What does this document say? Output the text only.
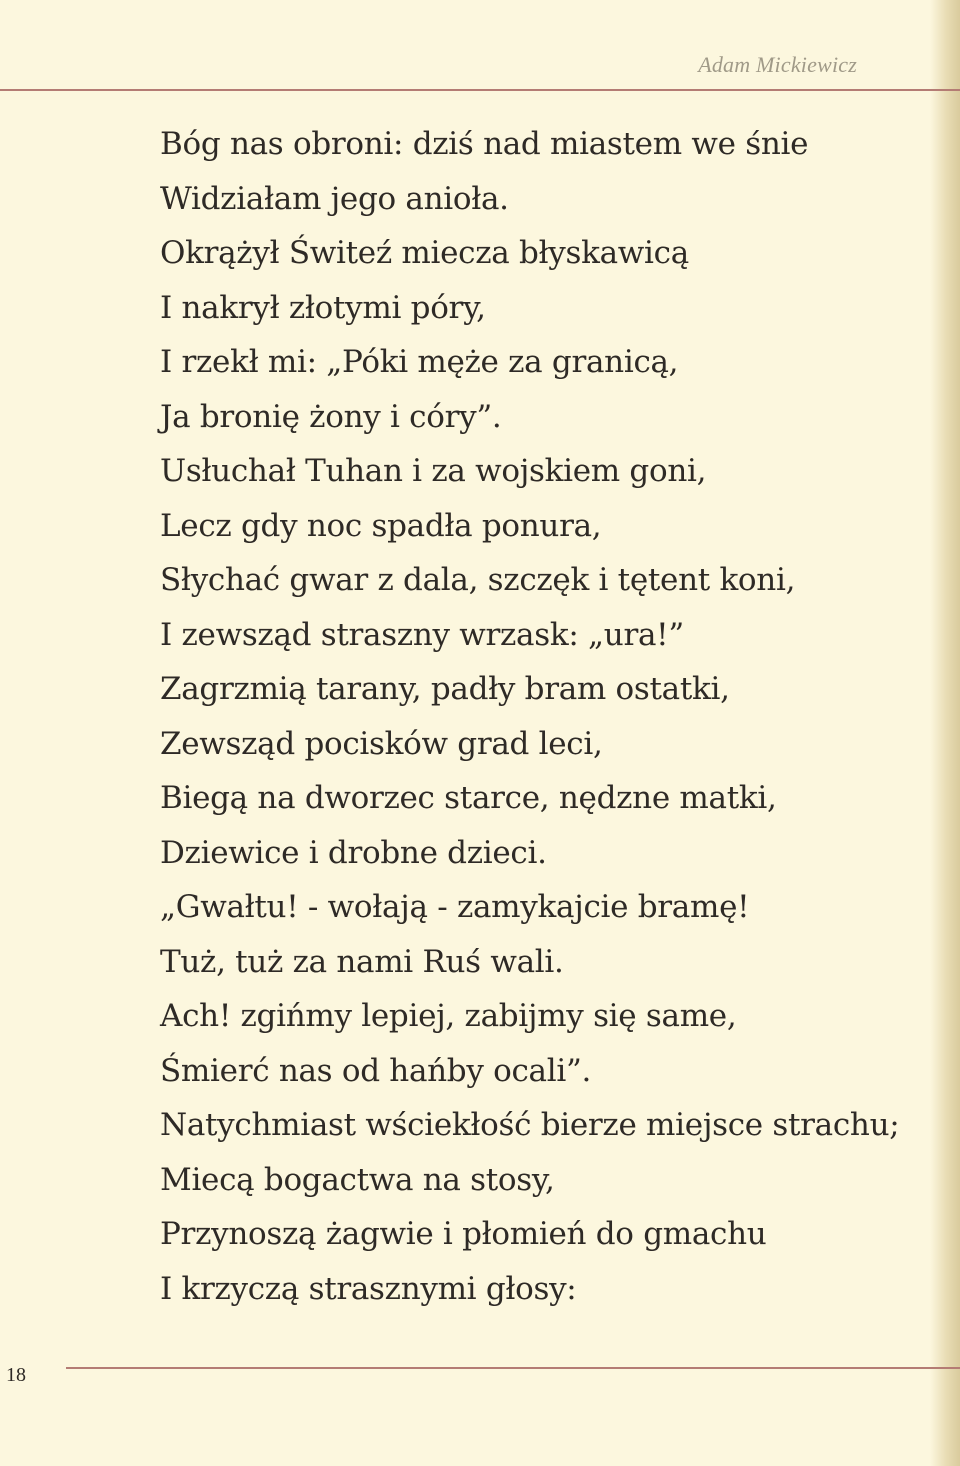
Adam Mickiewicz
Bóg nas obroni: dziś nad miastem we śnie
Widziałam jego anioła.
Okrążył Świteź miecza błyskawicą
I nakrył złotymi póry,
I rzekł mi: „Póki męże za granicą,
Ja bronię żony i córy”.
Usłuchał Tuhan i za wojskiem goni,
Lecz gdy noc spadła ponura,
Słychać gwar z dala, szczęk i tętent koni,
I zewsząd straszny wrzask: „ura!”
Zagrzmią tarany, padły bram ostatki,
Zewsząd pocisków grad leci,
Biegą na dworzec starce, nędzne matki,
Dziewice i drobne dzieci.
„Gwałtu! - wołają - zamykajcie bramę!
Tuż, tuż za nami Ruś wali.
Ach! zgińmy lepiej, zabijmy się same,
Śmierć nas od hańby ocali”.
Natychmiast wściekłość bierze miejsce strachu;
Miecą bogactwa na stosy,
Przynoszą żagwie i płomień do gmachu
I krzyczą strasznymi głosy:
18
